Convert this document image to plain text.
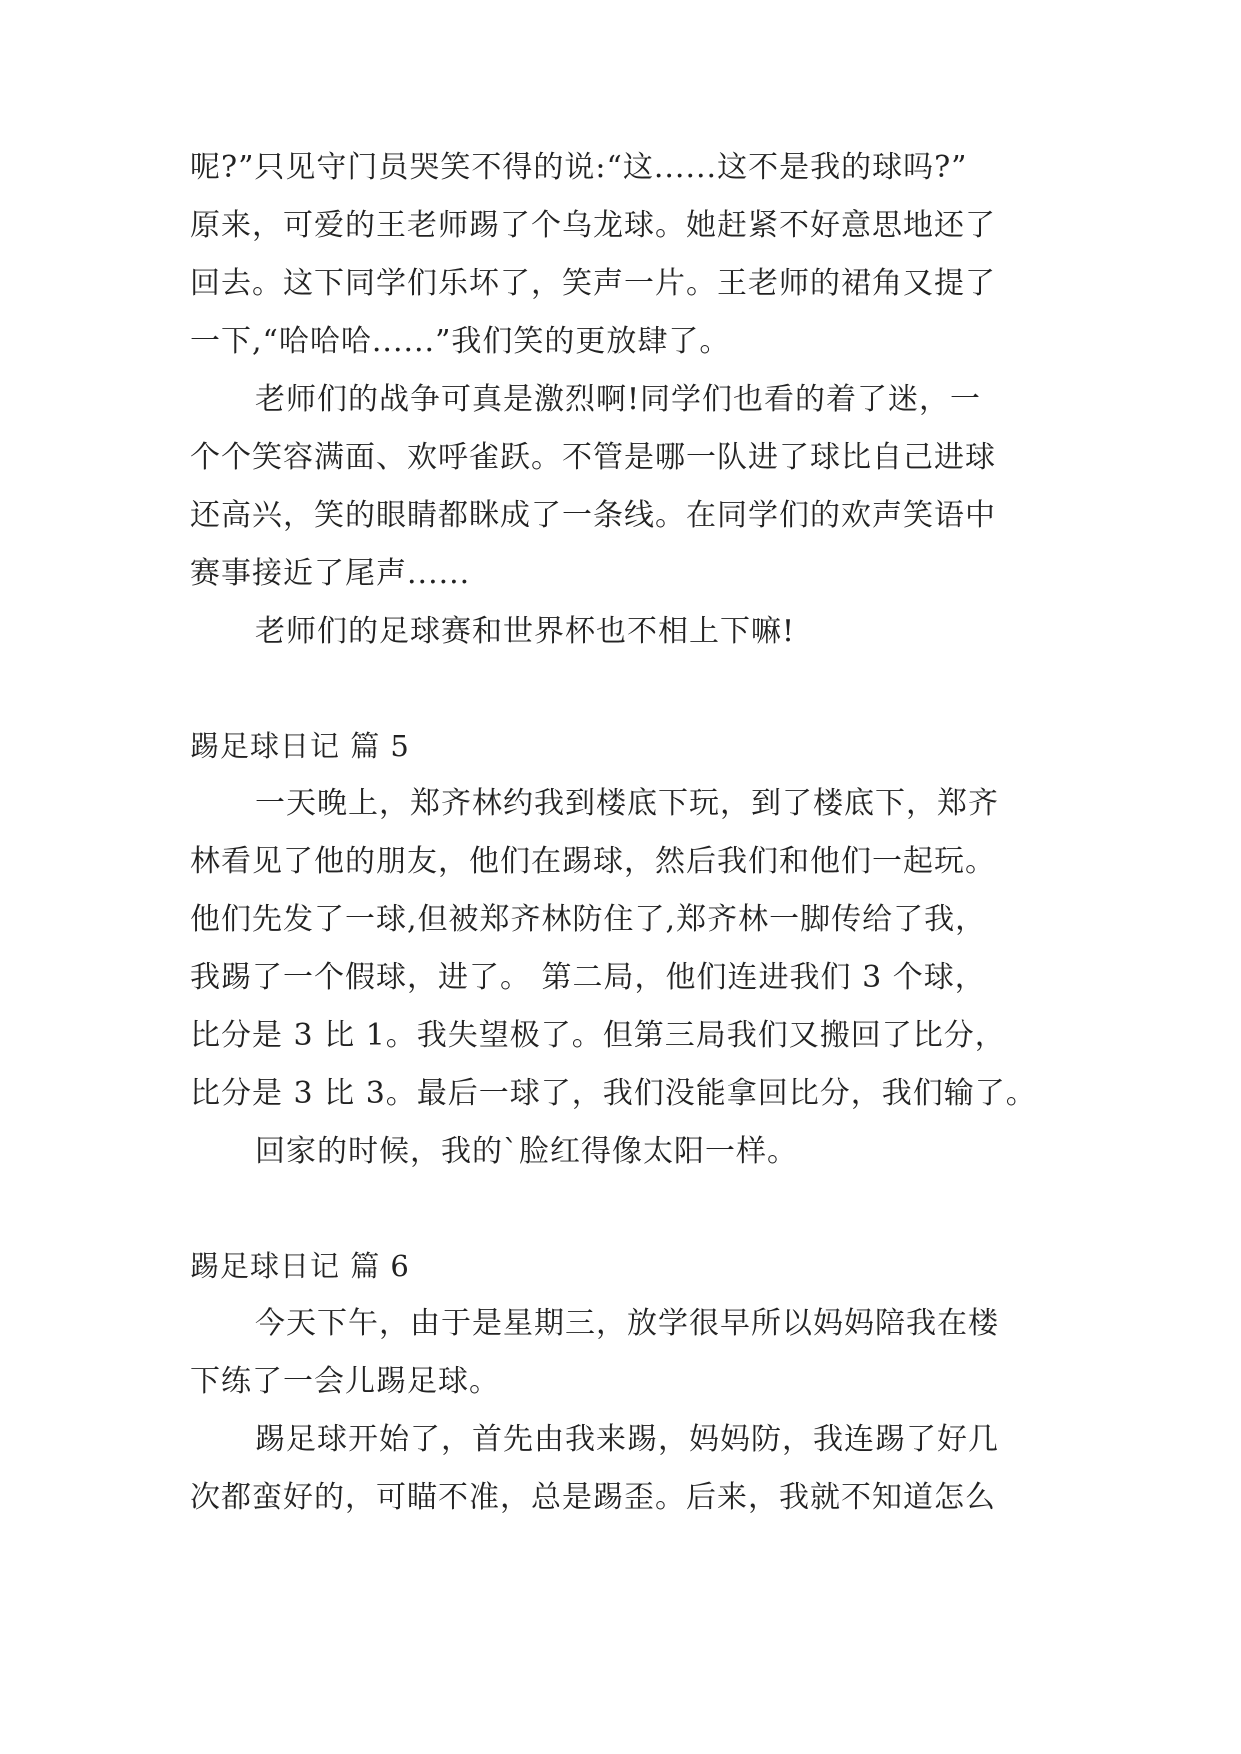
呢?”只见守门员哭笑不得的说:“这......这不是我的球吗?”
原来，可爱的王老师踢了个乌龙球。她赶紧不好意思地还了
回去。这下同学们乐坏了，笑声一片。王老师的裙角又提了
一下,“哈哈哈......”我们笑的更放肆了。
老师们的战争可真是激烈啊!同学们也看的着了迷，一
个个笑容满面、欢呼雀跃。不管是哪一队进了球比自己进球
还高兴，笑的眼睛都眯成了一条线。在同学们的欢声笑语中
赛事接近了尾声......
老师们的足球赛和世界杯也不相上下嘛!
踢足球日记 篇 5
一天晚上，郑齐林约我到楼底下玩，到了楼底下，郑齐
林看见了他的朋友，他们在踢球，然后我们和他们一起玩。
他们先发了一球,但被郑齐林防住了,郑齐林一脚传给了我，
我踢了一个假球，进了。 第二局，他们连进我们 3 个球，
比分是 3 比 1。我失望极了。但第三局我们又搬回了比分，
比分是 3 比 3。最后一球了，我们没能拿回比分，我们输了。
回家的时候，我的`脸红得像太阳一样。
踢足球日记 篇 6
今天下午，由于是星期三，放学很早所以妈妈陪我在楼
下练了一会儿踢足球。
踢足球开始了，首先由我来踢，妈妈防，我连踢了好几
次都蛮好的，可瞄不准，总是踢歪。后来，我就不知道怎么
